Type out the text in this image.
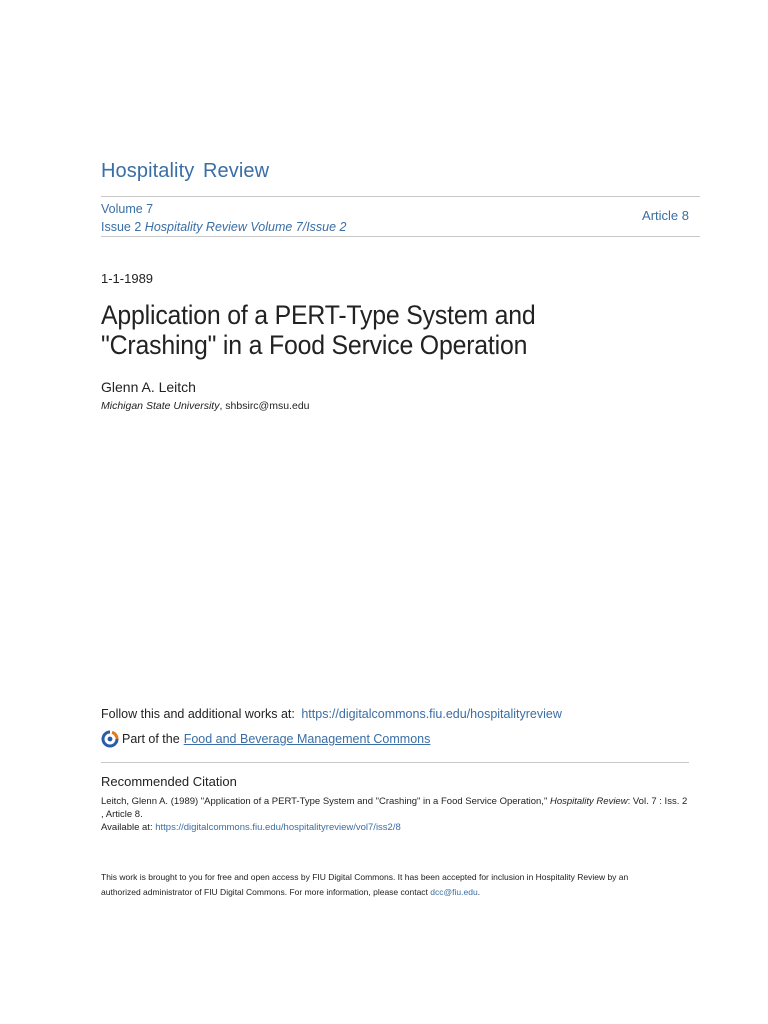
Hospitality Review
Volume 7
Issue 2 Hospitality Review Volume 7/Issue 2
Article 8
1-1-1989
Application of a PERT-Type System and
"Crashing" in a Food Service Operation
Glenn A. Leitch
Michigan State University, shbsirc@msu.edu
Follow this and additional works at: https://digitalcommons.fiu.edu/hospitalityreview
Part of the Food and Beverage Management Commons
Recommended Citation
Leitch, Glenn A. (1989) "Application of a PERT-Type System and "Crashing" in a Food Service Operation," Hospitality Review: Vol. 7 : Iss. 2 , Article 8.
Available at: https://digitalcommons.fiu.edu/hospitalityreview/vol7/iss2/8
This work is brought to you for free and open access by FIU Digital Commons. It has been accepted for inclusion in Hospitality Review by an authorized administrator of FIU Digital Commons. For more information, please contact dcc@fiu.edu.
